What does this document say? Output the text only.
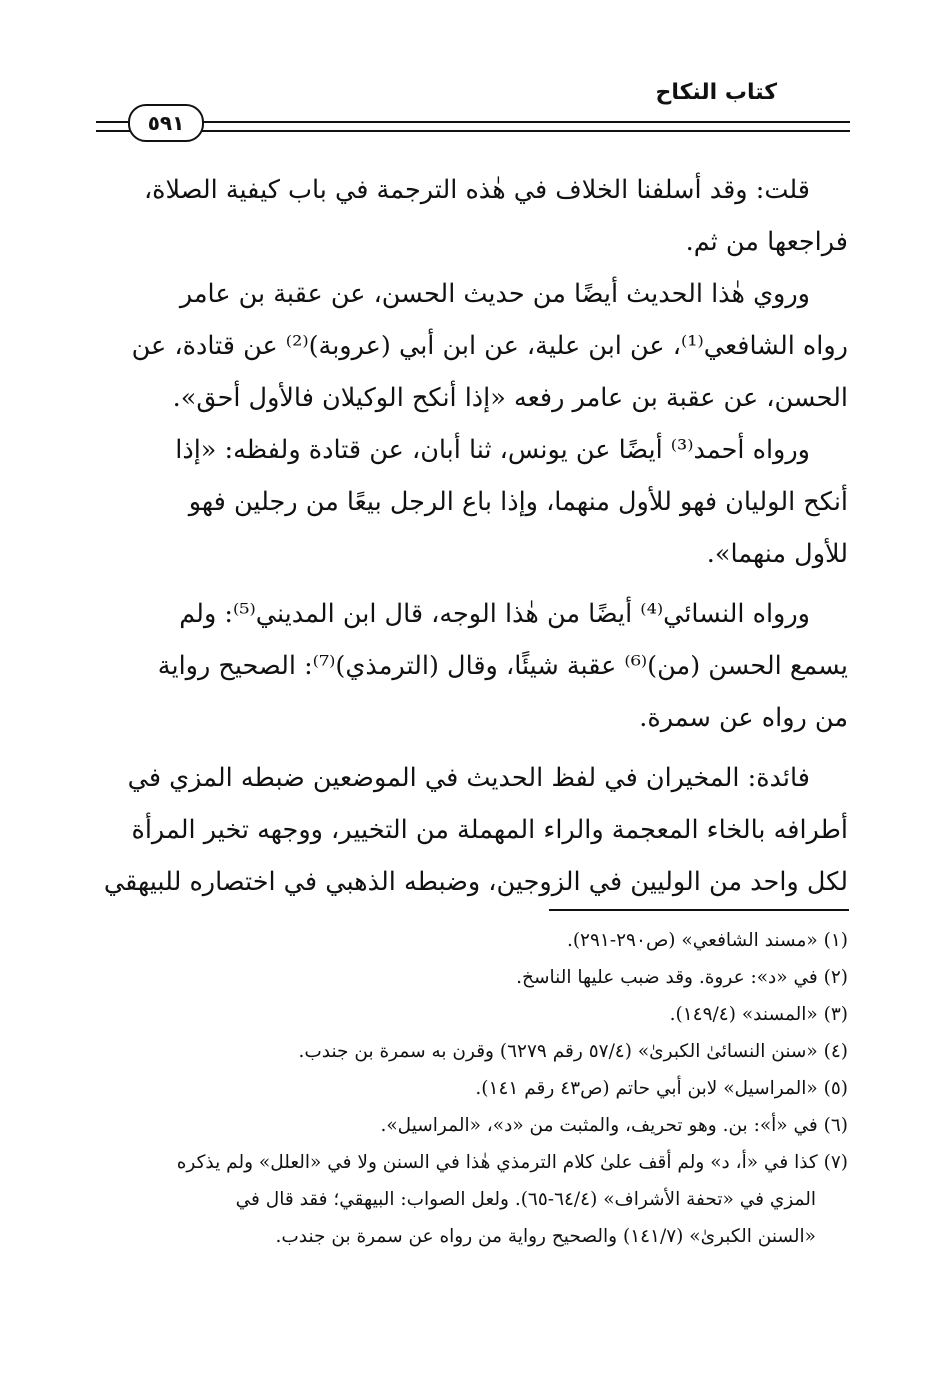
كتاب النكاح
٥٩١

قلت: وقد أسلفنا الخلاف في هٰذه الترجمة في باب كيفية الصلاة،

فراجعها من ثم.

وروي هٰذا الحديث أيضًا من حديث الحسن، عن عقبة بن عامر

رواه الشافعي⁽¹⁾، عن ابن علية، عن ابن أبي (عروبة)⁽²⁾ عن قتادة، عن

الحسن، عن عقبة بن عامر رفعه «إذا أنكح الوكيلان فالأول أحق».

ورواه أحمد⁽³⁾ أيضًا عن يونس، ثنا أبان، عن قتادة ولفظه: «إذا

أنكح الوليان فهو للأول منهما، وإذا باع الرجل بيعًا من رجلين فهو

للأول منهما».

ورواه النسائي⁽⁴⁾ أيضًا من هٰذا الوجه، قال ابن المديني⁽⁵⁾: ولم

يسمع الحسن (من)⁽⁶⁾ عقبة شيئًا، وقال (الترمذي)⁽⁷⁾: الصحيح رواية

من رواه عن سمرة.

فائدة: المخيران في لفظ الحديث في الموضعين ضبطه المزي في

أطرافه بالخاء المعجمة والراء المهملة من التخيير، ووجهه تخير المرأة

لكل واحد من الوليين في الزوجين، وضبطه الذهبي في اختصاره للبيهقي

(١) «مسند الشافعي» (ص٢٩٠-٢٩١).

(٢) في «د»: عروة. وقد ضبب عليها الناسخ.

(٣) «المسند» (١٤٩/٤).

(٤) «سنن النسائیٰ الكبرىٰ» (٥٧/٤ رقم ٦٢٧٩) وقرن به سمرة بن جندب.

(٥) «المراسيل» لابن أبي حاتم (ص٤٣ رقم ١٤١).

(٦) في «أ»: بن. وهو تحريف، والمثبت من «د»، «المراسيل».

(٧) كذا في «أ، د» ولم أقف علىٰ كلام الترمذي هٰذا في السنن ولا في «العلل» ولم يذكره

المزي في «تحفة الأشراف» (٦٤/٤-٦٥). ولعل الصواب: البيهقي؛ فقد قال في

«السنن الكبرىٰ» (١٤١/٧) والصحيح رواية من رواه عن سمرة بن جندب.
